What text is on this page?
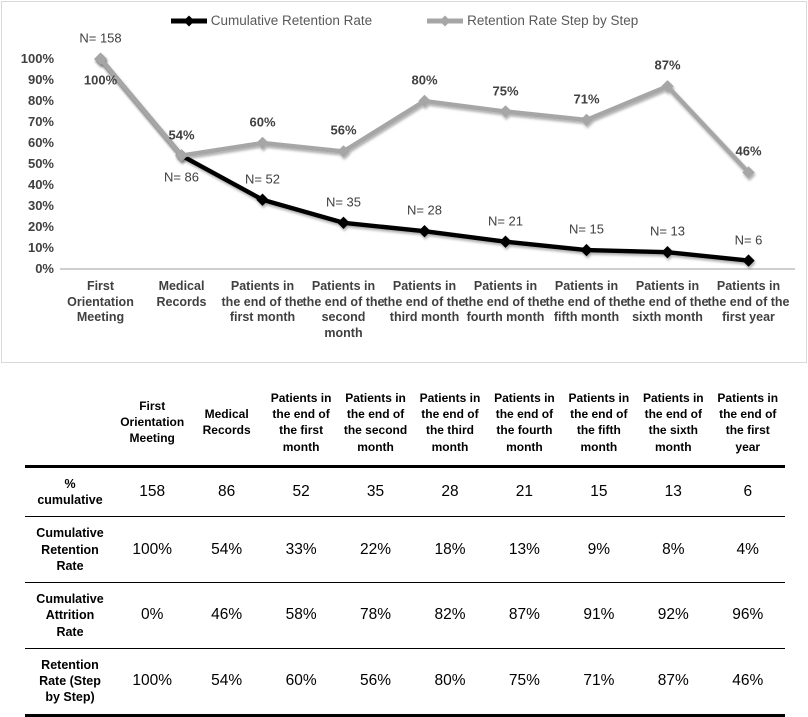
Cumulative Retention Rate	Retention Rate Step by Step
100%
90%
80%
70%
60%
50%
40%
30%
20%
10%
0%
First Orientation Meeting
Medical Records
Patients in the end of the first month
Patients in the end of the second month
Patients in the end of the third month
Patients in the end of the fourth month
Patients in the end of the fifth month
Patients in the end of the sixth month
Patients in the end of the first year
N= 158
N= 86	N= 52
N= 35
N= 28
N= 21
N= 15	N= 13
N= 6
100%
54%
60%
56%
80%
75%
71%
87%
46%
	First Orientation Meeting	Medical Records	Patients in the end of the first month	Patients in the end of the second month	Patients in the end of the third month	Patients in the end of the fourth month	Patients in the end of the fifth month	Patients in the end of the sixth month	Patients in the end of the first year
% cumulative	158	86	52	35	28	21	15	13	6
Cumulative Retention Rate	100%	54%	33%	22%	18%	13%	9%	8%	4%
Cumulative Attrition Rate	0%	46%	58%	78%	82%	87%	91%	92%	96%
Retention Rate (Step by Step)	100%	54%	60%	56%	80%	75%	71%	87%	46%
